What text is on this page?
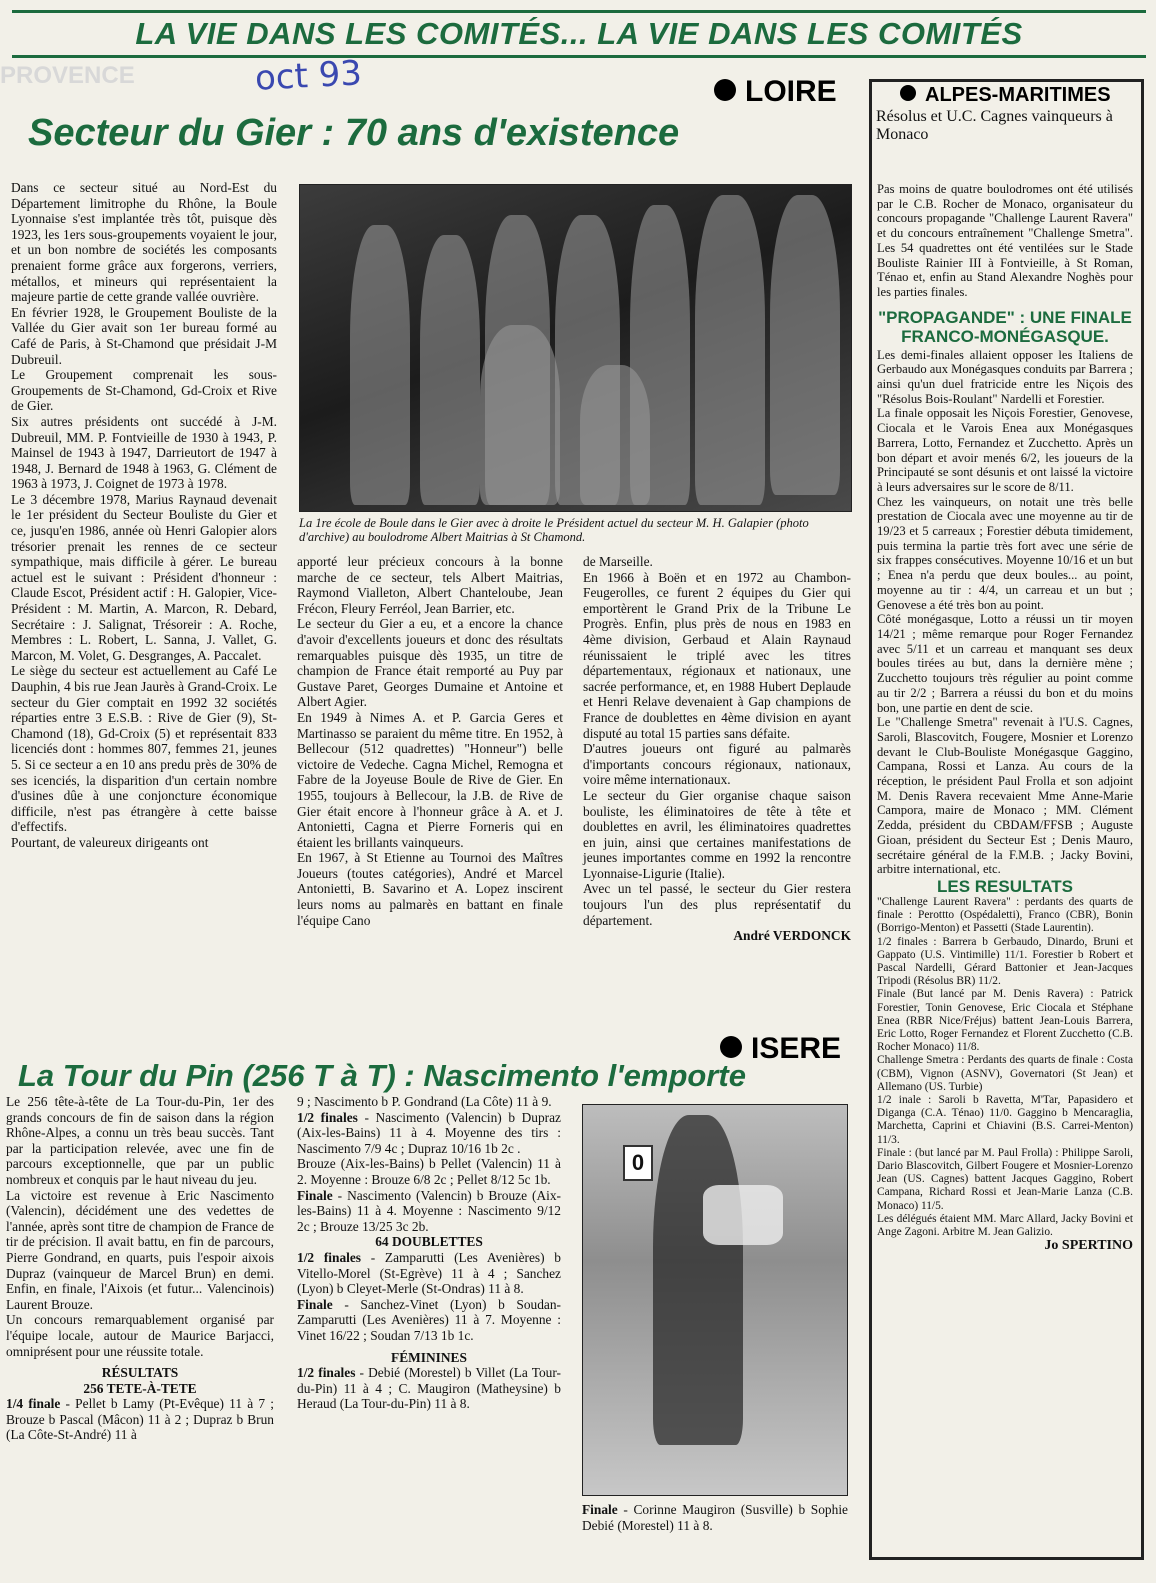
PROVENCE
LA VIE DANS LES COMITÉS... LA VIE DANS LES COMITÉS
oct 93	LOIRE
Secteur du Gier : 70 ans d'existence

Dans ce secteur situé au Nord-Est du Département limitrophe du Rhône, la Boule Lyonnaise s'est implantée très tôt, puisque dès 1923, les 1ers sous-groupements voyaient le jour, et un bon nombre de sociétés les composants prenaient forme grâce aux forgerons, verriers, métallos, et mineurs qui représentaient la majeure partie de cette grande vallée ouvrière.

En février 1928, le Groupement Bouliste de la Vallée du Gier avait son 1er bureau formé au Café de Paris, à St-Chamond que présidait J-M Dubreuil.

Le Groupement comprenait les sous-Groupements de St-Chamond, Gd-Croix et Rive de Gier.

Six autres présidents ont succédé à J-M. Dubreuil, MM. P. Fontvieille de 1930 à 1943, P. Mainsel de 1943 à 1947, Darrieutort de 1947 à 1948, J. Bernard de 1948 à 1963, G. Clément de 1963 à 1973, J. Coignet de 1973 à 1978.

Le 3 décembre 1978, Marius Raynaud devenait le 1er président du Secteur Bouliste du Gier et ce, jusqu'en 1986, année où Henri Galopier alors trésorier prenait les rennes de ce secteur sympathique, mais difficile à gérer. Le bureau actuel est le suivant : Président d'honneur : Claude Escot, Président actif : H. Galopier, Vice-Président : M. Martin, A. Marcon, R. Debard, Secrétaire : J. Salignat, Trésoreir : A. Roche, Membres : L. Robert, L. Sanna, J. Vallet, G. Marcon, M. Volet, G. Desgranges, A. Paccalet.

Le siège du secteur est actuellement au Café Le Dauphin, 4 bis rue Jean Jaurès à Grand-Croix. Le secteur du Gier comptait en 1992 32 sociétés réparties entre 3 E.S.B. : Rive de Gier (9), St-Chamond (18), Gd-Croix (5) et représentait 833 licenciés dont : hommes 807, femmes 21, jeunes 5. Si ce secteur a en 10 ans predu près de 30% de ses icenciés, la disparition d'un certain nombre d'usines dûe à une conjoncture économique difficile, n'est pas étrangère à cette baisse d'effectifs.

Pourtant, de valeureux dirigeants ont

La 1re école de Boule dans le Gier avec à droite le Président actuel du secteur M. H. Galapier (photo d'archive) au boulodrome Albert Maitrias à St Chamond.

apporté leur précieux concours à la bonne marche de ce secteur, tels Albert Maitrias, Raymond Vialleton, Albert Chanteloube, Jean Frécon, Fleury Ferréol, Jean Barrier, etc.

Le secteur du Gier a eu, et a encore la chance d'avoir d'excellents joueurs et donc des résultats remarquables puisque dès 1935, un titre de champion de France était remporté au Puy par Gustave Paret, Georges Dumaine et Antoine et Albert Agier.

En 1949 à Nimes A. et P. Garcia Geres et Martinasso se paraient du même titre. En 1952, à Bellecour (512 quadrettes) "Honneur") belle victoire de Vedeche. Cagna Michel, Remogna et Fabre de la Joyeuse Boule de Rive de Gier. En 1955, toujours à Bellecour, la J.B. de Rive de Gier était encore à l'honneur grâce à A. et J. Antonietti, Cagna et Pierre Forneris qui en étaient les brillants vainqueurs.

En 1967, à St Etienne au Tournoi des Maîtres Joueurs (toutes catégories), André et Marcel Antonietti, B. Savarino et A. Lopez inscirent leurs noms au palmarès en battant en finale l'équipe Cano

de Marseille.

En 1966 à Boën et en 1972 au Chambon-Feugerolles, ce furent 2 équipes du Gier qui emportèrent le Grand Prix de la Tribune Le Progrès. Enfin, plus près de nous en 1983 en 4ème division, Gerbaud et Alain Raynaud réunissaient le triplé avec les titres départementaux, régionaux et nationaux, une sacrée performance, et, en 1988 Hubert Deplaude et Henri Relave devenaient à Gap champions de France de doublettes en 4ème division en ayant disputé au total 15 parties sans défaite.

D'autres joueurs ont figuré au palmarès d'importants concours régionaux, nationaux, voire même internationaux.

Le secteur du Gier organise chaque saison bouliste, les éliminatoires de tête à tête et doublettes en avril, les éliminatoires quadrettes en juin, ainsi que certaines manifestations de jeunes importantes comme en 1992 la rencontre Lyonnaise-Ligurie (Italie).

Avec un tel passé, le secteur du Gier restera toujours l'un des plus représentatif du département.

André VERDONCK

ISERE
La Tour du Pin (256 T à T) : Nascimento l'emporte

Le 256 tête-à-tête de La Tour-du-Pin, 1er des grands concours de fin de saison dans la région Rhône-Alpes, a connu un très beau succès. Tant par la participation relevée, avec une fin de parcours exceptionnelle, que par un public nombreux et conquis par le haut niveau du jeu.

La victoire est revenue à Eric Nascimento (Valencin), décidément une des vedettes de l'année, après sont titre de champion de France de tir de précision. Il avait battu, en fin de parcours, Pierre Gondrand, en quarts, puis l'espoir aixois Dupraz (vainqueur de Marcel Brun) en demi. Enfin, en finale, l'Aixois (et futur... Valencinois) Laurent Brouze.

Un concours remarquablement organisé par l'équipe locale, autour de Maurice Barjacci, omniprésent pour une réussite totale.

RÉSULTATS

256 TETE-À-TETE

1/4 finale - Pellet b Lamy (Pt-Evêque) 11 à 7 ; Brouze b Pascal (Mâcon) 11 à 2 ; Dupraz b Brun (La Côte-St-André) 11 à

9 ; Nascimento b P. Gondrand (La Côte) 11 à 9.

1/2 finales - Nascimento (Valencin) b Dupraz (Aix-les-Bains) 11 à 4. Moyenne des tirs : Nascimento 7/9 4c ; Dupraz 10/16 1b 2c .

Brouze (Aix-les-Bains) b Pellet (Valencin) 11 à 2. Moyenne : Brouze 6/8 2c ; Pellet 8/12 5c 1b.

Finale - Nascimento (Valencin) b Brouze (Aix-les-Bains) 11 à 4. Moyenne : Nascimento 9/12 2c ; Brouze 13/25 3c 2b.

64 DOUBLETTES

1/2 finales - Zamparutti (Les Avenières) b Vitello-Morel (St-Egrève) 11 à 4 ; Sanchez (Lyon) b Cleyet-Merle (St-Ondras) 11 à 8.

Finale - Sanchez-Vinet (Lyon) b Soudan-Zamparutti (Les Avenières) 11 à 7. Moyenne : Vinet 16/22 ; Soudan 7/13 1b 1c.

FÉMININES

1/2 finales - Debié (Morestel) b Villet (La Tour-du-Pin) 11 à 4 ; C. Maugiron (Matheysine) b Heraud (La Tour-du-Pin) 11 à 8.

0

Finale - Corinne Maugiron (Susville) b Sophie Debié (Morestel) 11 à 8.

ALPES-MARITIMES
Résolus et U.C. Cagnes vainqueurs à Monaco

Pas moins de quatre boulodromes ont été utilisés par le C.B. Rocher de Monaco, organisateur du concours propagande "Challenge Laurent Ravera" et du concours entraînement "Challenge Smetra". Les 54 quadrettes ont été ventilées sur le Stade Bouliste Rainier III à Fontvieille, à St Roman, Ténao et, enfin au Stand Alexandre Noghès pour les parties finales.

"PROPAGANDE" : UNE FINALE FRANCO-MONÉGASQUE.

Les demi-finales allaient opposer les Italiens de Gerbaudo aux Monégasques conduits par Barrera ; ainsi qu'un duel fratricide entre les Niçois des "Résolus Bois-Roulant" Nardelli et Forestier.

La finale opposait les Niçois Forestier, Genovese, Ciocala et le Varois Enea aux Monégasques Barrera, Lotto, Fernandez et Zucchetto. Après un bon départ et avoir menés 6/2, les joueurs de la Principauté se sont désunis et ont laissé la victoire à leurs adversaires sur le score de 8/11.

Chez les vainqueurs, on notait une très belle prestation de Ciocala avec une moyenne au tir de 19/23 et 5 carreaux ; Forestier débuta timidement, puis termina la partie très fort avec une série de six frappes consécutives. Moyenne 10/16 et un but ; Enea n'a perdu que deux boules... au point, moyenne au tir : 4/4, un carreau et un but ; Genovese a été très bon au point.

Côté monégasque, Lotto a réussi un tir moyen 14/21 ; même remarque pour Roger Fernandez avec 5/11 et un carreau et manquant ses deux boules tirées au but, dans la dernière mène ; Zucchetto toujours très régulier au point comme au tir 2/2 ; Barrera a réussi du bon et du moins bon, une partie en dent de scie.

Le "Challenge Smetra" revenait à l'U.S. Cagnes, Saroli, Blascovitch, Fougere, Mosnier et Lorenzo devant le Club-Bouliste Monégasque Gaggino, Campana, Rossi et Lanza. Au cours de la réception, le président Paul Frolla et son adjoint M. Denis Ravera recevaient Mme Anne-Marie Campora, maire de Monaco ; MM. Clément Zedda, président du CBDAM/FFSB ; Auguste Gioan, président du Secteur Est ; Denis Mauro, secrétaire général de la F.M.B. ; Jacky Bovini, arbitre international, etc.

LES RESULTATS

"Challenge Laurent Ravera" : perdants des quarts de finale : Perottto (Ospédaletti), Franco (CBR), Bonin (Borrigo-Menton) et Passetti (Stade Laurentin).

1/2 finales : Barrera b Gerbaudo, Dinardo, Bruni et Gappato (U.S. Vintimille) 11/1. Forestier b Robert et Pascal Nardelli, Gérard Battonier et Jean-Jacques Tripodi (Résolus BR) 11/2.

Finale (But lancé par M. Denis Ravera) : Patrick Forestier, Tonin Genovese, Eric Ciocala et Stéphane Enea (RBR Nice/Fréjus) battent Jean-Louis Barrera, Eric Lotto, Roger Fernandez et Florent Zucchetto (C.B. Rocher Monaco) 11/8.

Challenge Smetra : Perdants des quarts de finale : Costa (CBM), Vignon (ASNV), Governatori (St Jean) et Allemano (US. Turbie)

1/2 inale : Saroli b Ravetta, M'Tar, Papasidero et Diganga (C.A. Ténao) 11/0. Gaggino b Mencaraglia, Marchetta, Caprini et Chiavini (B.S. Carrei-Menton) 11/3.

Finale : (but lancé par M. Paul Frolla) : Philippe Saroli, Dario Blascovitch, Gilbert Fougere et Mosnier-Lorenzo Jean (US. Cagnes) battent Jacques Gaggino, Robert Campana, Richard Rossi et Jean-Marie Lanza (C.B. Monaco) 11/5.

Les délégués étaient MM. Marc Allard, Jacky Bovini et Ange Zagoni. Arbitre M. Jean Galizio.

Jo SPERTINO
